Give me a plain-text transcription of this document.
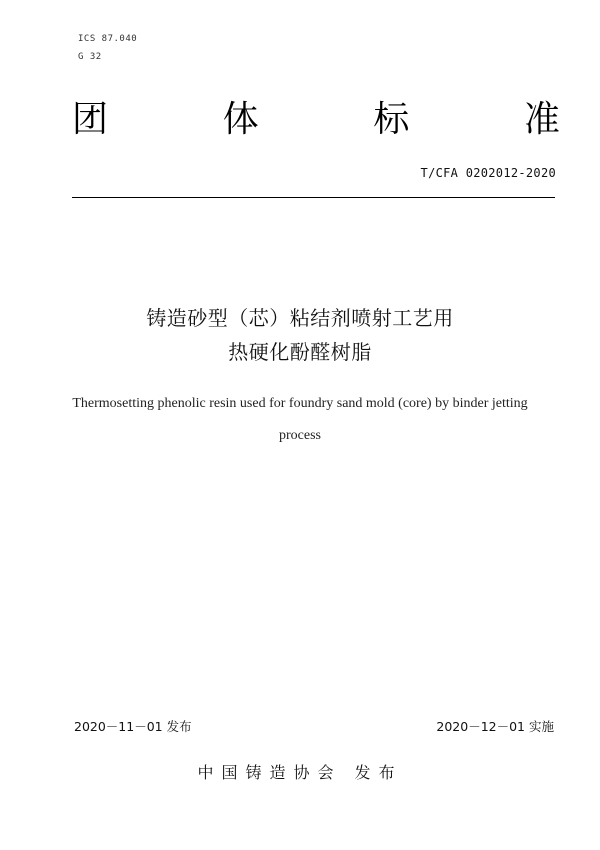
ICS 87.040
G 32
团	体	标	准
T/CFA 0202012-2020
铸造砂型（芯）粘结剂喷射工艺用
热硬化酚醛树脂
Thermosetting phenolic resin used for foundry sand mold (core) by binder jetting
process
2020－11－01 发布	2020－12－01 实施
中国铸造协会 发布
